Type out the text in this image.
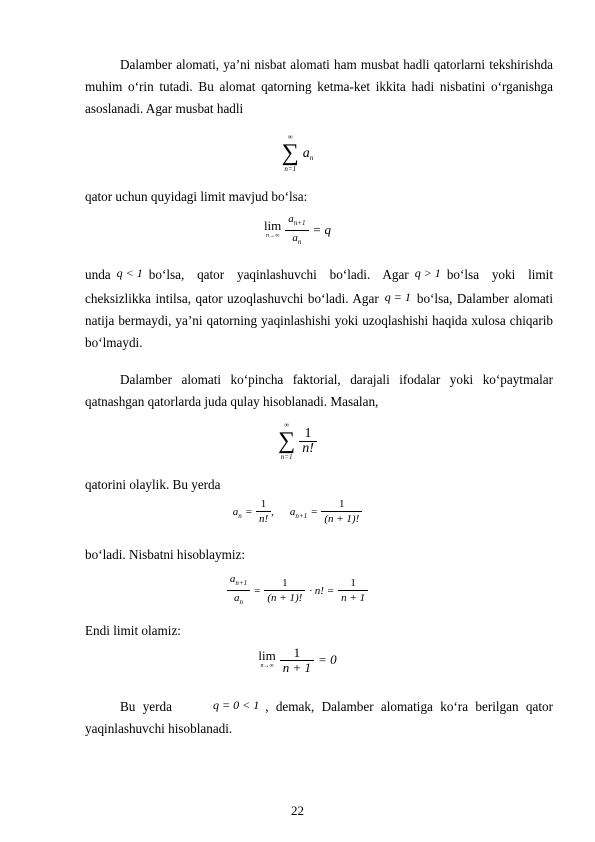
Dalamber alomati, ya’ni nisbat alomati ham musbat hadli qatorlarni tekshirishda muhim o‘rin tutadi. Bu alomat qatorning ketma-ket ikkita hadi nisbatini o‘rganishga asoslanadi. Agar musbat hadli

∞
∑
n=1
$a_n$

qator uchun quyidagi limit mavjud bo‘lsa:

lim
n→∞
$\frac{a_{n+1}}{a_n} = q$

unda q < 1 bo‘lsa, qator yaqinlashuvchi bo‘ladi. Agar q > 1 bo‘lsa yoki limit cheksizlikka intilsa, qator uzoqlashuvchi bo‘ladi. Agar q = 1 bo‘lsa, Dalamber alomati natija bermaydi, ya’ni qatorning yaqinlashishi yoki uzoqlashishi haqida xulosa chiqarib bo‘lmaydi.

Dalamber alomati ko‘pincha faktorial, darajali ifodalar yoki ko‘paytmalar qatnashgan qatorlarda juda qulay hisoblanadi. Masalan,

∞
∑
n=1

$\frac{1}{n!}$

qatorini olaylik. Bu yerda

$a_n = \frac{1}{n!}$ , $a_{n+1} = \frac{1}{(n + 1)!}$

bo‘ladi. Nisbatni hisoblaymiz:

$\frac{a_{n+1}}{a_n} = \frac{1}{(n + 1)!} \cdot n$! = $\frac{1}{n + 1}$

Endi limit olamiz:

lim
n→∞
$\frac{1}{n + 1} = 0$

Bu yerda	q = 0 < 1 , demak, Dalamber alomatiga ko‘ra berilgan qator yaqinlashuvchi hisoblanadi.

22
